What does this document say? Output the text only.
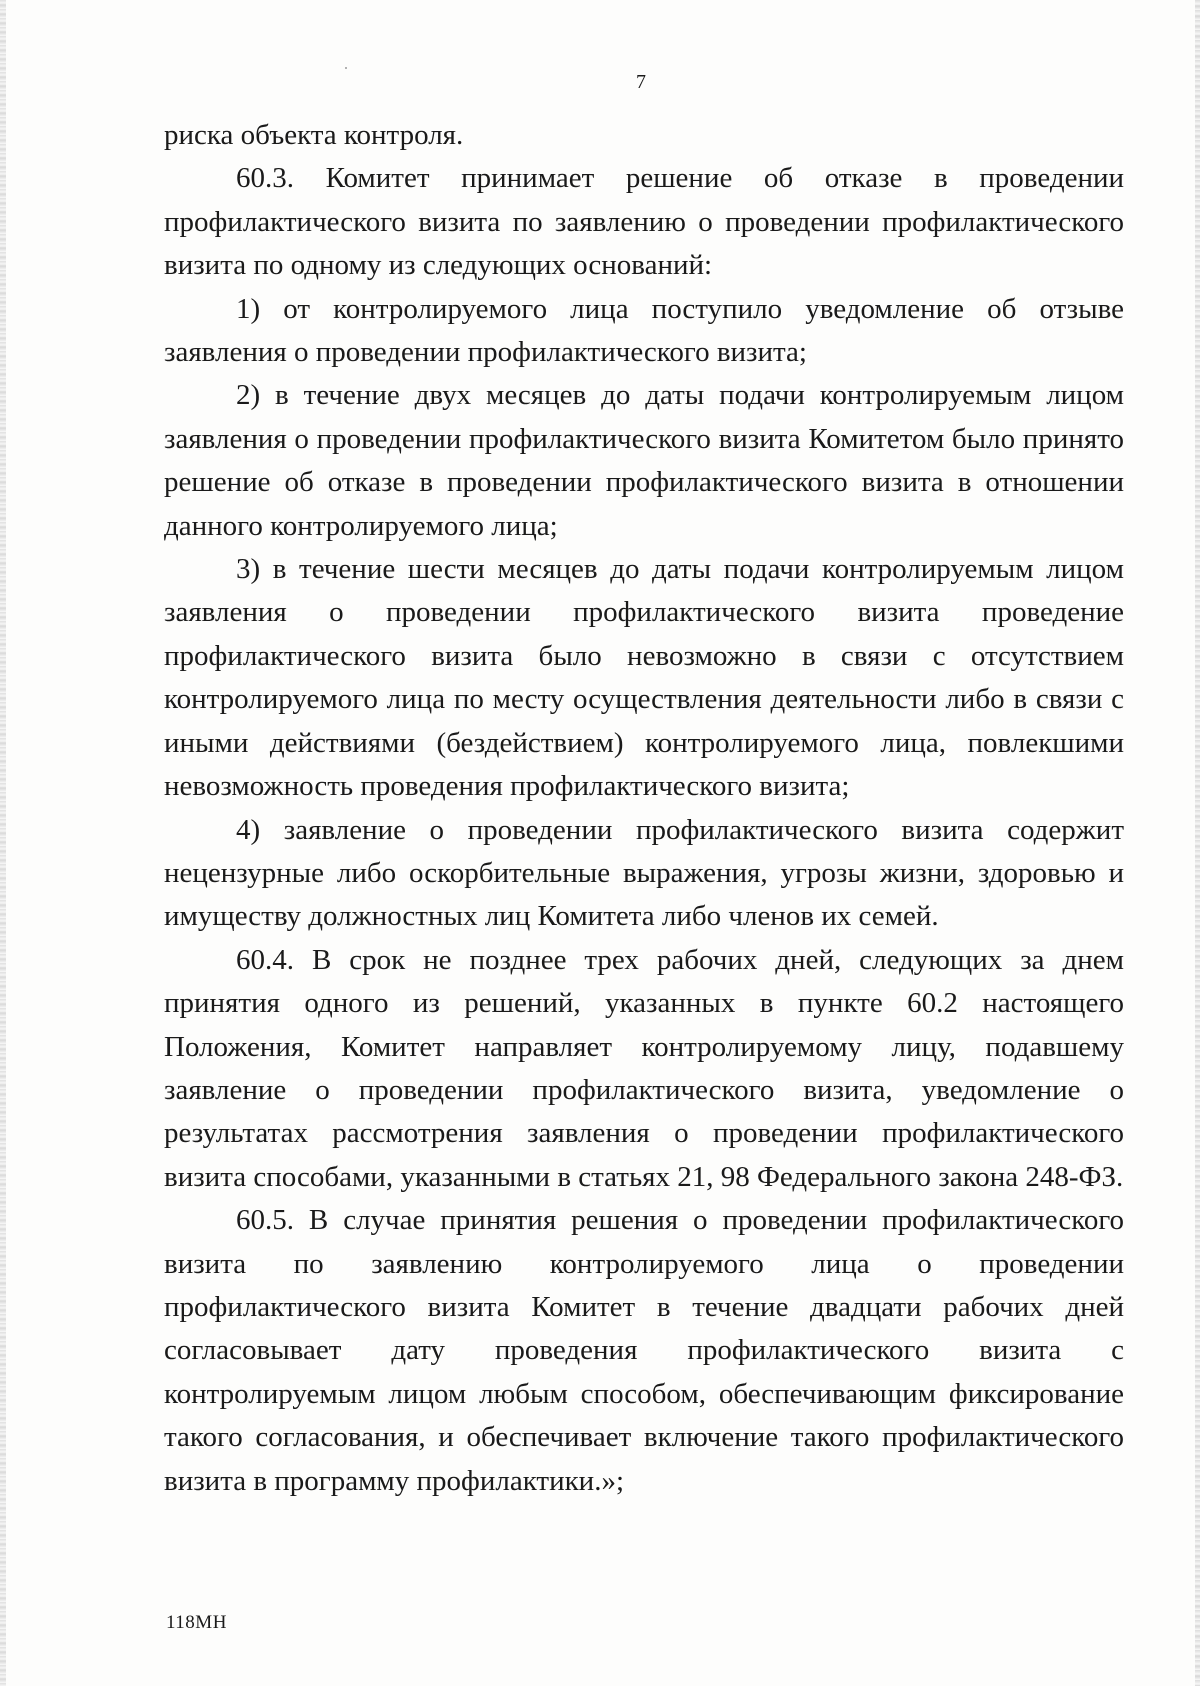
7

риска объекта контроля.

60.3. Комитет принимает решение об отказе в проведении профилактического визита по заявлению о проведении профилактического визита по одному из следующих оснований:

1) от контролируемого лица поступило уведомление об отзыве заявления о проведении профилактического визита;

2) в течение двух месяцев до даты подачи контролируемым лицом заявления о проведении профилактического визита Комитетом было принято решение об отказе в проведении профилактического визита в отношении данного контролируемого лица;

3) в течение шести месяцев до даты подачи контролируемым лицом заявления о проведении профилактического визита проведение профилактического визита было невозможно в связи с отсутствием контролируемого лица по месту осуществления деятельности либо в связи с иными действиями (бездействием) контролируемого лица, повлекшими невозможность проведения профилактического визита;

4) заявление о проведении профилактического визита содержит нецензурные либо оскорбительные выражения, угрозы жизни, здоровью и имуществу должностных лиц Комитета либо членов их семей.

60.4. В срок не позднее трех рабочих дней, следующих за днем принятия одного из решений, указанных в пункте 60.2 настоящего Положения, Комитет направляет контролируемому лицу, подавшему заявление о проведении профилактического визита, уведомление о результатах рассмотрения заявления о проведении профилактического визита способами, указанными в статьях 21, 98 Федерального закона 248-ФЗ.

60.5. В случае принятия решения о проведении профилактического визита по заявлению контролируемого лица о проведении профилактического визита Комитет в течение двадцати рабочих дней согласовывает дату проведения профилактического визита с контролируемым лицом любым способом, обеспечивающим фиксирование такого согласования, и обеспечивает включение такого профилактического визита в программу профилактики.»;

118МН
